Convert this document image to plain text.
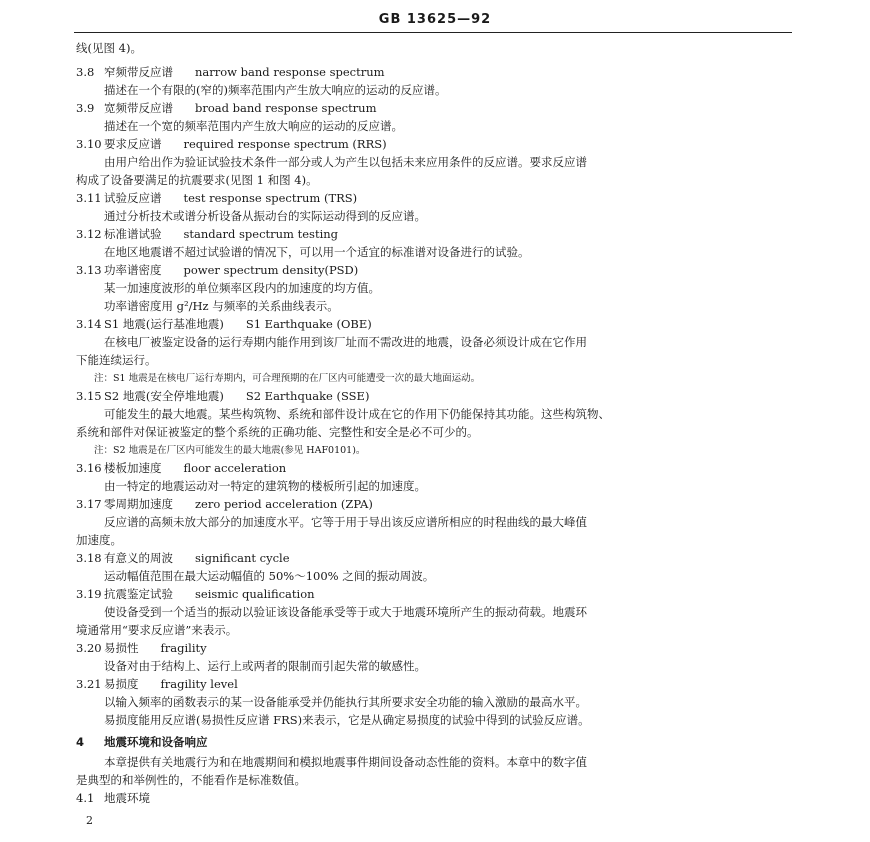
GB 13625—92
线(见图 4)。
3.8 窄频带反应谱 narrow band response spectrum
描述在一个有限的(窄的)频率范围内产生放大响应的运动的反应谱。
3.9 宽频带反应谱 broad band response spectrum
描述在一个宽的频率范围内产生放大响应的运动的反应谱。
3.10 要求反应谱 required response spectrum (RRS)
由用户给出作为验证试验技术条件一部分或人为产生以包括未来应用条件的反应谱。要求反应谱
构成了设备要满足的抗震要求(见图 1 和图 4)。
3.11 试验反应谱 test response spectrum (TRS)
通过分析技术或谱分析设备从振动台的实际运动得到的反应谱。
3.12 标准谱试验 standard spectrum testing
在地区地震谱不超过试验谱的情况下，可以用一个适宜的标准谱对设备进行的试验。
3.13 功率谱密度 power spectrum density(PSD)
某一加速度波形的单位频率区段内的加速度的均方值。
功率谱密度用 g²/Hz 与频率的关系曲线表示。
3.14 S1 地震(运行基准地震) S1 Earthquake (OBE)
在核电厂被鉴定设备的运行寿期内能作用到该厂址而不需改进的地震，设备必须设计成在它作用
下能连续运行。
注：S1 地震是在核电厂运行寿期内，可合理预期的在厂区内可能遭受一次的最大地面运动。
3.15 S2 地震(安全停堆地震) S2 Earthquake (SSE)
可能发生的最大地震。某些构筑物、系统和部件设计成在它的作用下仍能保持其功能。这些构筑物、
系统和部件对保证被鉴定的整个系统的正确功能、完整性和安全是必不可少的。
注：S2 地震是在厂区内可能发生的最大地震(参见 HAF0101)。
3.16 楼板加速度 floor acceleration
由一特定的地震运动对一特定的建筑物的楼板所引起的加速度。
3.17 零周期加速度 zero period acceleration (ZPA)
反应谱的高频未放大部分的加速度水平。它等于用于导出该反应谱所相应的时程曲线的最大峰值
加速度。
3.18 有意义的周波 significant cycle
运动幅值范围在最大运动幅值的 50%～100% 之间的振动周波。
3.19 抗震鉴定试验 seismic qualification
使设备受到一个适当的振动以验证该设备能承受等于或大于地震环境所产生的振动荷载。地震环
境通常用“要求反应谱”来表示。
3.20 易损性 fragility
设备对由于结构上、运行上或两者的限制而引起失常的敏感性。
3.21 易损度 fragility level
以输入频率的函数表示的某一设备能承受并仍能执行其所要求安全功能的输入激励的最高水平。
易损度能用反应谱(易损性反应谱 FRS)来表示，它是从确定易损度的试验中得到的试验反应谱。
4 地震环境和设备响应
本章提供有关地震行为和在地震期间和模拟地震事件期间设备动态性能的资料。本章中的数字值
是典型的和举例性的，不能看作是标准数值。
4.1 地震环境
2
